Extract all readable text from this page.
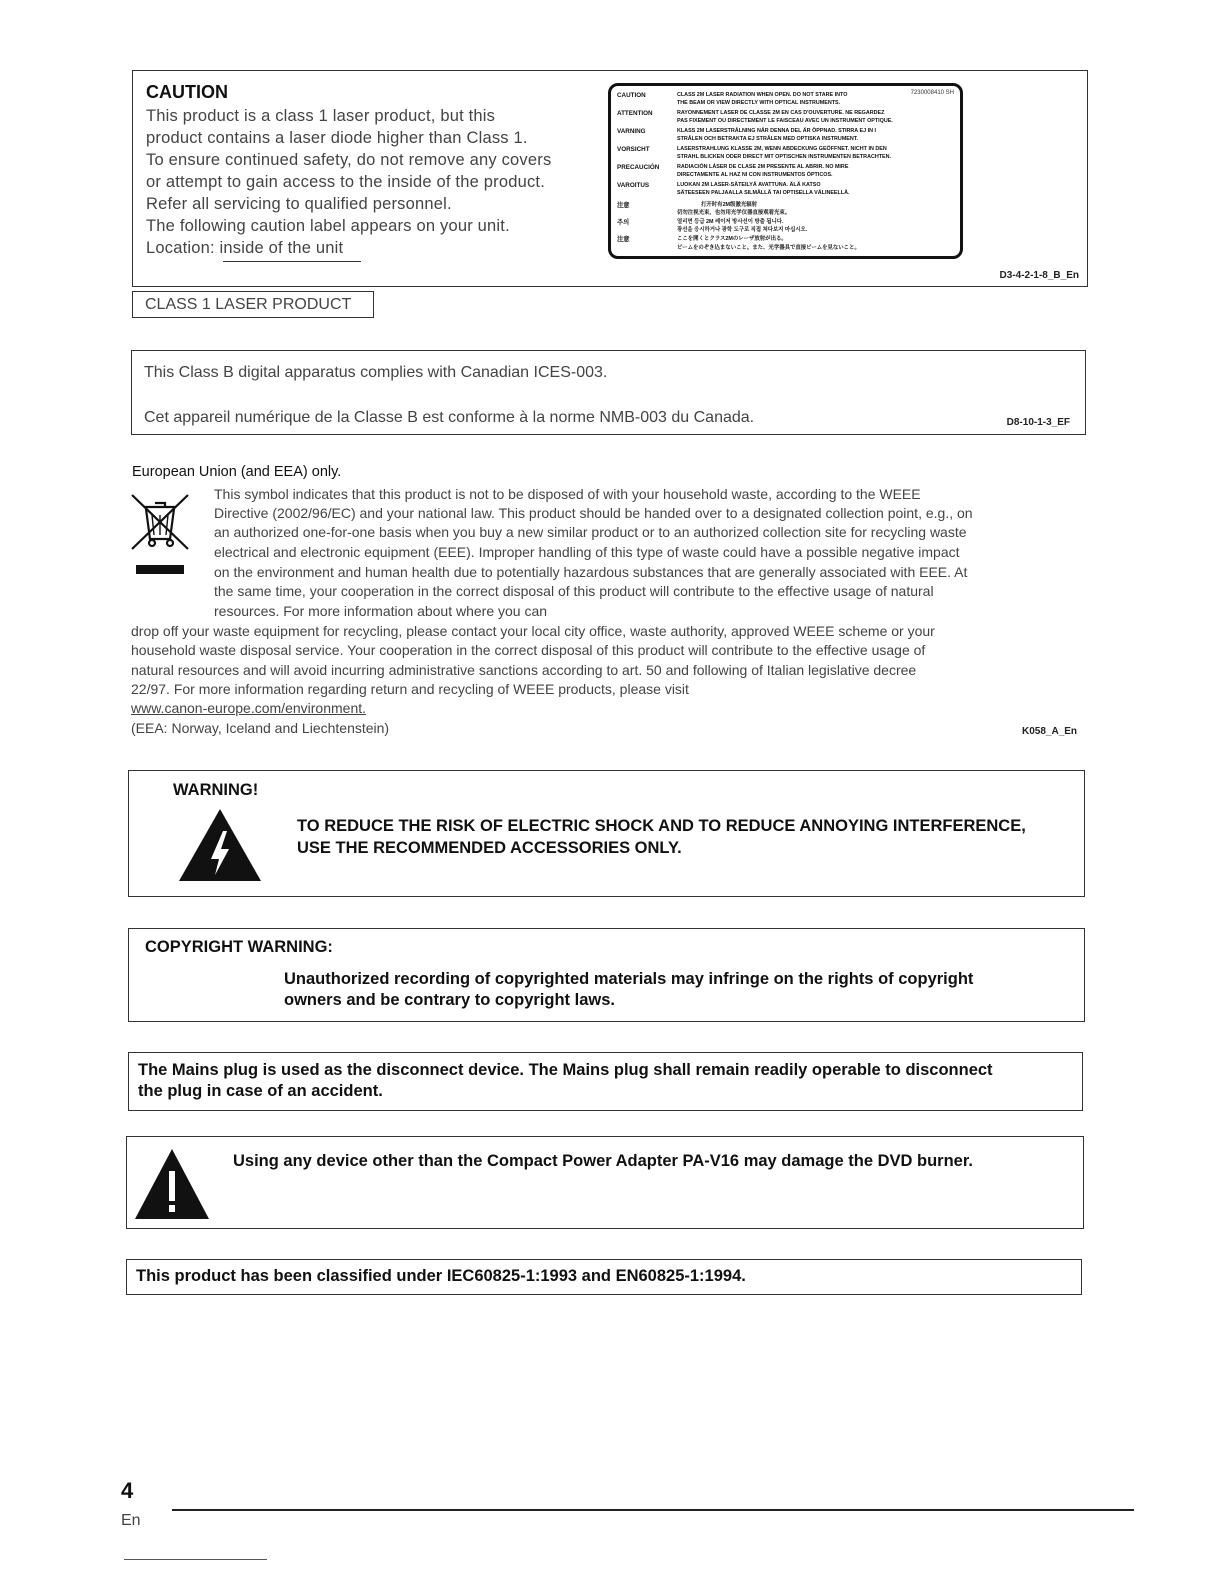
CAUTION
This product is a class 1 laser product, but this
product contains a laser diode higher than Class 1.
To ensure continued safety, do not remove any covers
or attempt to gain access to the inside of the product.
Refer all servicing to qualified personnel.
The following caution label appears on your unit.
Location: inside of the unit
7230008410 SH
CAUTION	CLASS 2M LASER RADIATION WHEN OPEN. DO NOT STARE INTO
THE BEAM OR VIEW DIRECTLY WITH OPTICAL INSTRUMENTS.
ATTENTION	RAYONNEMENT LASER DE CLASSE 2M EN CAS D'OUVERTURE. NE REGARDEZ
PAS FIXEMENT OU DIRECTEMENT LE FAISCEAU AVEC UN INSTRUMENT OPTIQUE.
VARNING	KLASS 2M LASERSTRÅLNING NÄR DENNA DEL ÄR ÖPPNAD. STIRRA EJ IN I
STRÅLEN OCH BETRAKTA EJ STRÅLEN MED OPTISKA INSTRUMENT.
VORSICHT	LASERSTRAHLUNG KLASSE 2M, WENN ABDECKUNG GEÖFFNET. NICHT IN DEN
STRAHL BLICKEN ODER DIRECT MIT OPTISCHEN INSTRUMENTEN BETRACHTEN.
PRECAUCIÓN	RADIACIÓN LÁSER DE CLASE 2M PRESENTE AL ABRIR. NO MIRE
DIRECTAMENTE AL HAZ NI CON INSTRUMENTOS ÓPTICOS.
VAROITUS	LUOKAN 2M LASER-SÄTEILYÄ AVATTUNA. ÄLÄ KATSO
SÄTEESEEN PALJAALLA SILMÄLLÄ TAI OPTISELLA VÄLINEELLÄ.
注意	打开时有2M级激光辐射
切勿注视光束，也勿用光学仪器直接观看光束。
주의	열리면 등급 2M 레이저 방사선이 방출 됩니다.
광선을 응시하거나 광학 도구로 직접 쳐다보지 마십시오.
注意	ここを開くとクラス2Mのレーザ放射が出る。
ビームをのぞき込まないこと。また、光学器具で直接ビームを見ないこと。
D3-4-2-1-8_B_En
CLASS 1 LASER PRODUCT
This Class B digital apparatus complies with Canadian ICES-003.
Cet appareil numérique de la Classe B est conforme à la norme NMB-003 du Canada.	D8-10-1-3_EF
European Union (and EEA) only.
This symbol indicates that this product is not to be disposed of with your household waste, according to the WEEE
Directive (2002/96/EC) and your national law. This product should be handed over to a designated collection point, e.g., on
an authorized one-for-one basis when you buy a new similar product or to an authorized collection site for recycling waste
electrical and electronic equipment (EEE). Improper handling of this type of waste could have a possible negative impact
on the environment and human health due to potentially hazardous substances that are generally associated with EEE. At
the same time, your cooperation in the correct disposal of this product will contribute to the effective usage of natural
resources. For more information about where you can
drop off your waste equipment for recycling, please contact your local city office, waste authority, approved WEEE scheme or your
household waste disposal service. Your cooperation in the correct disposal of this product will contribute to the effective usage of
natural resources and will avoid incurring administrative sanctions according to art. 50 and following of Italian legislative decree
22/97. For more information regarding return and recycling of WEEE products, please visit
www.canon-europe.com/environment.
(EEA: Norway, Iceland and Liechtenstein)	K058_A_En
WARNING!
TO REDUCE THE RISK OF ELECTRIC SHOCK AND TO REDUCE ANNOYING INTERFERENCE,
USE THE RECOMMENDED ACCESSORIES ONLY.
COPYRIGHT WARNING:
Unauthorized recording of copyrighted materials may infringe on the rights of copyright
owners and be contrary to copyright laws.
The Mains plug is used as the disconnect device. The Mains plug shall remain readily operable to disconnect
the plug in case of an accident.
Using any device other than the Compact Power Adapter PA-V16 may damage the DVD burner.
This product has been classified under IEC60825-1:1993 and EN60825-1:1994.
4
En
